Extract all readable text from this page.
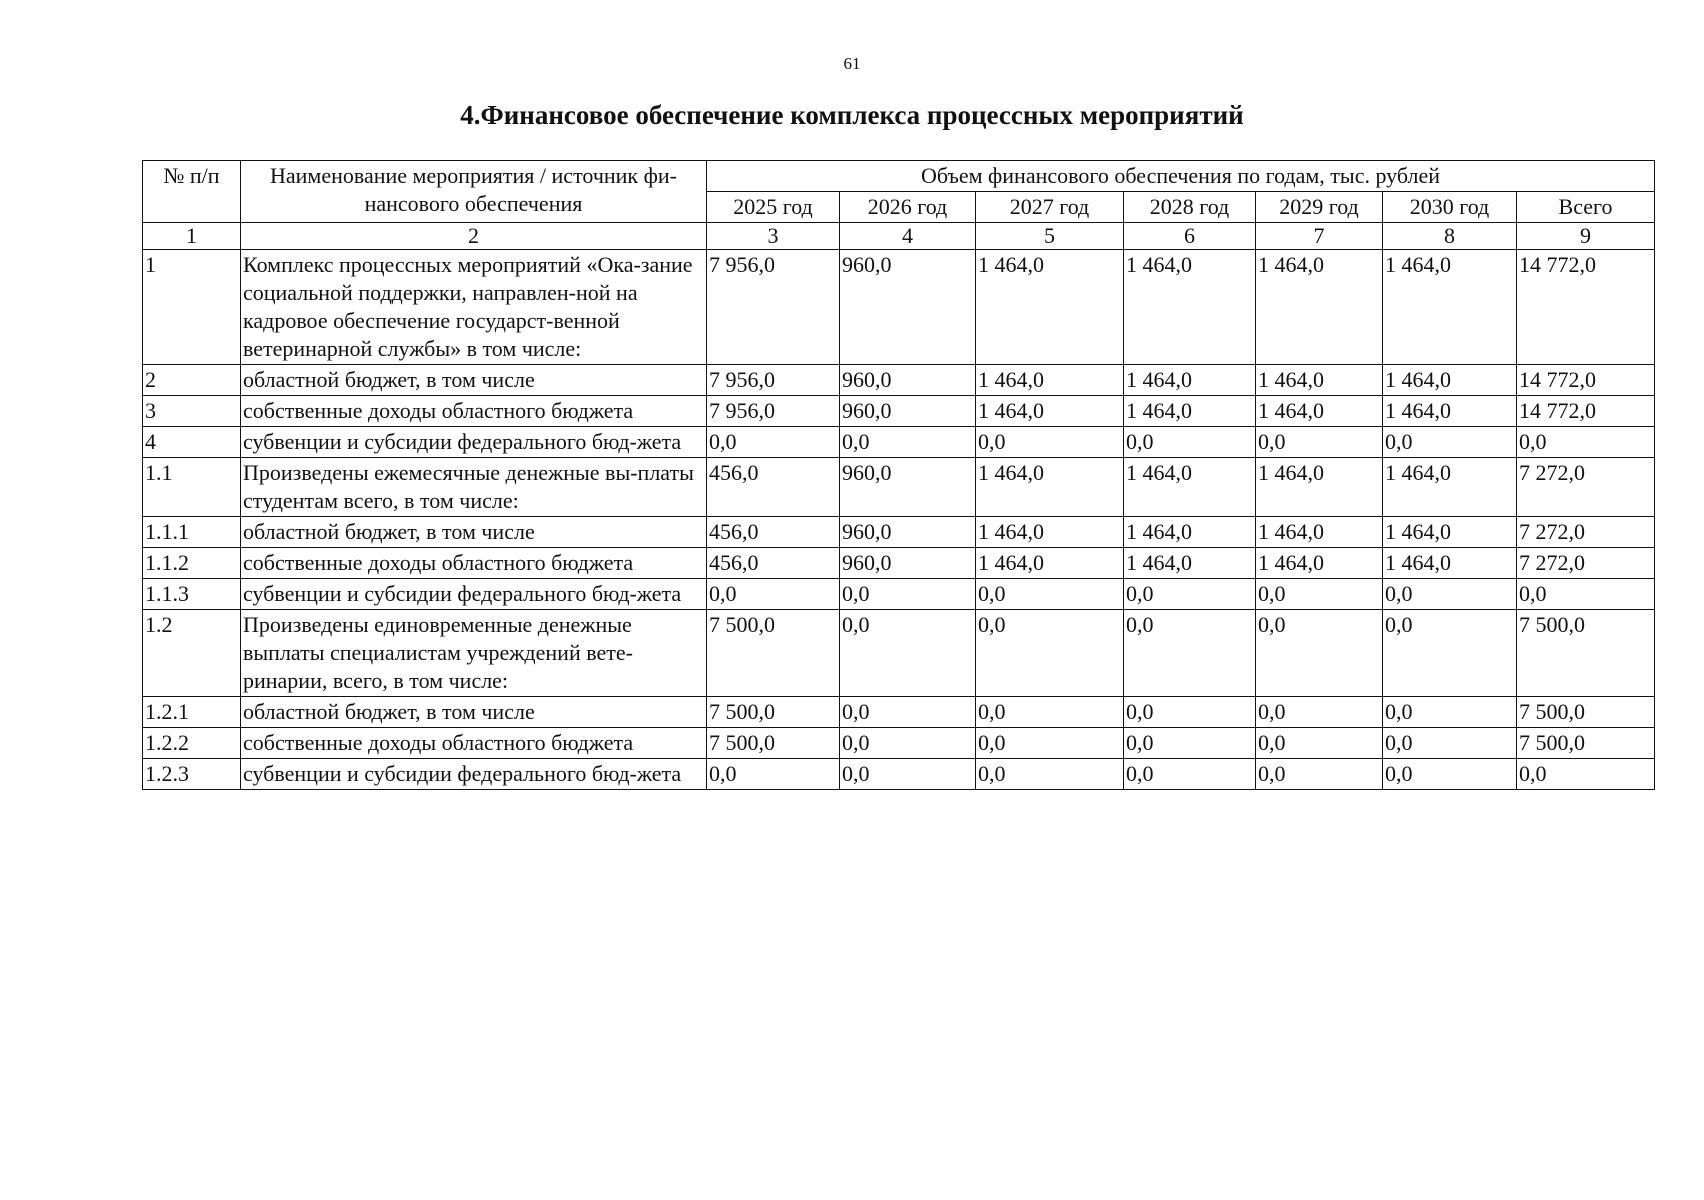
61
4.Финансовое обеспечение комплекса процессных мероприятий
№ п/п	Наименование мероприятия / источник фи-нансового обеспечения	Объем финансового обеспечения по годам, тыс. рублей						
		2025 год	2026 год	2027 год	2028 год	2029 год	2030 год	Всего
1	2	3	4	5	6	7	8	9
1	Комплекс процессных мероприятий «Ока-зание социальной поддержки, направлен-ной на кадровое обеспечение государст-венной ветеринарной службы» в том числе:	7 956,0	960,0	1 464,0	1 464,0	1 464,0	1 464,0	14 772,0
2	областной бюджет, в том числе	7 956,0	960,0	1 464,0	1 464,0	1 464,0	1 464,0	14 772,0
3	собственные доходы областного бюджета	7 956,0	960,0	1 464,0	1 464,0	1 464,0	1 464,0	14 772,0
4	субвенции и субсидии федерального бюд-жета	0,0	0,0	0,0	0,0	0,0	0,0	0,0
1.1	Произведены ежемесячные денежные вы-платы студентам всего, в том числе:	456,0	960,0	1 464,0	1 464,0	1 464,0	1 464,0	7 272,0
1.1.1	областной бюджет, в том числе	456,0	960,0	1 464,0	1 464,0	1 464,0	1 464,0	7 272,0
1.1.2	собственные доходы областного бюджета	456,0	960,0	1 464,0	1 464,0	1 464,0	1 464,0	7 272,0
1.1.3	субвенции и субсидии федерального бюд-жета	0,0	0,0	0,0	0,0	0,0	0,0	0,0
1.2	Произведены единовременные денежные выплаты специалистам учреждений вете-ринарии, всего, в том числе:	7 500,0	0,0	0,0	0,0	0,0	0,0	7 500,0
1.2.1	областной бюджет, в том числе	7 500,0	0,0	0,0	0,0	0,0	0,0	7 500,0
1.2.2	собственные доходы областного бюджета	7 500,0	0,0	0,0	0,0	0,0	0,0	7 500,0
1.2.3	субвенции и субсидии федерального бюд-жета	0,0	0,0	0,0	0,0	0,0	0,0	0,0
